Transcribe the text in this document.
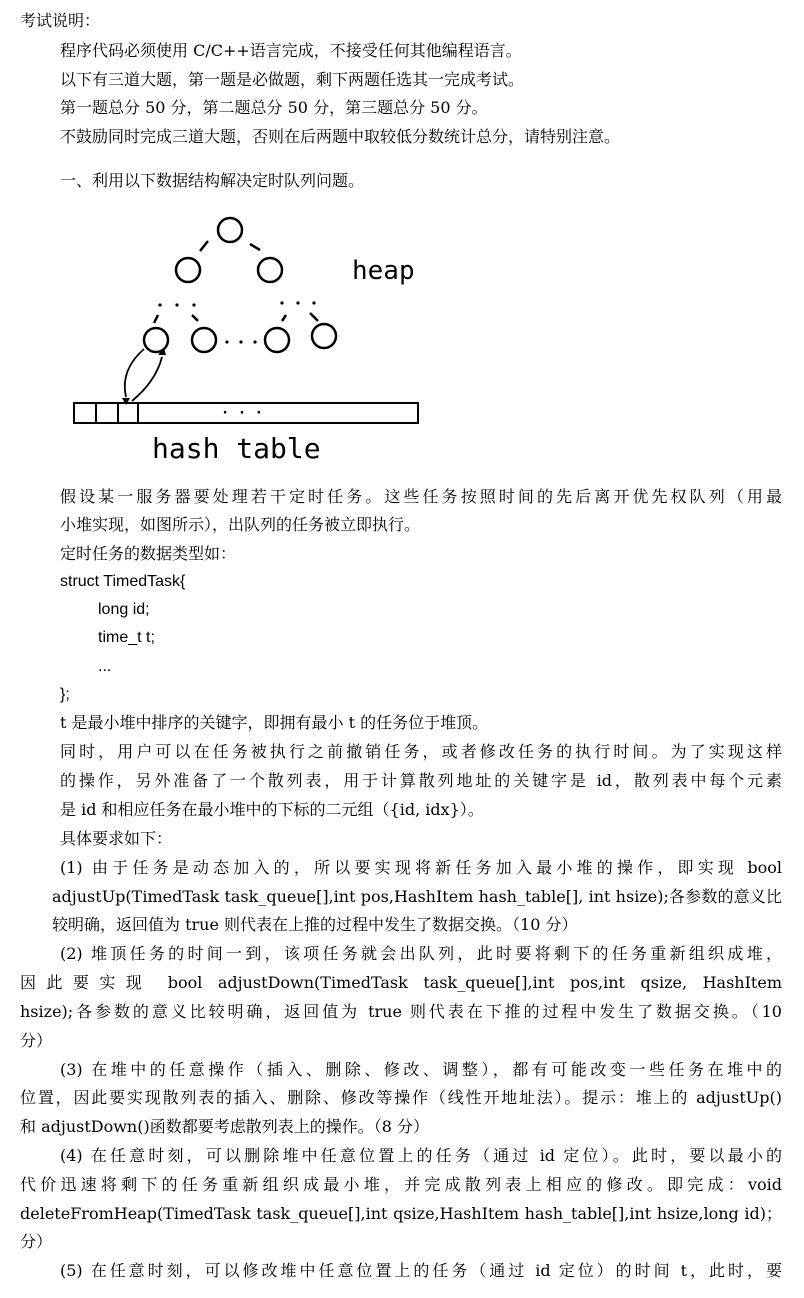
考试说明：
程序代码必须使用 C/C++语言完成，不接受任何其他编程语言。
以下有三道大题，第一题是必做题，剩下两题任选其一完成考试。
第一题总分 50 分，第二题总分 50 分，第三题总分 50 分。
不鼓励同时完成三道大题，否则在后两题中取较低分数统计总分，请特别注意。
一、利用以下数据结构解决定时队列问题。
· · ·
heap
hash table
假设某一服务器要处理若干定时任务。这些任务按照时间的先后离开优先权队列（用最
小堆实现，如图所示），出队列的任务被立即执行。
定时任务的数据类型如：
struct TimedTask{
long id;
time_t t;
...
};
t 是最小堆中排序的关键字，即拥有最小 t 的任务位于堆顶。
同时，用户可以在任务被执行之前撤销任务，或者修改任务的执行时间。为了实现这样
的操作，另外准备了一个散列表，用于计算散列地址的关键字是 id，散列表中每个元素
是 id 和相应任务在最小堆中的下标的二元组（{id, idx}）。
具体要求如下：
(1) 由于任务是动态加入的，所以要实现将新任务加入最小堆的操作，即实现 bool
adjustUp(TimedTask task_queue[],int pos,HashItem hash_table[], int hsize);各参数的意义比
较明确，返回值为 true 则代表在上推的过程中发生了数据交换。（10 分）
(2) 堆顶任务的时间一到，该项任务就会出队列，此时要将剩下的任务重新组织成堆，
因此要实现 bool adjustDown(TimedTask task_queue[],int pos,int qsize, HashItem
hsize);各参数的意义比较明确，返回值为 true 则代表在下推的过程中发生了数据交换。（10
分）
(3) 在堆中的任意操作（插入、删除、修改、调整），都有可能改变一些任务在堆中的
位置，因此要实现散列表的插入、删除、修改等操作（线性开地址法）。提示：堆上的 adjustUp()
和 adjustDown()函数都要考虑散列表上的操作。（8 分）
(4) 在任意时刻，可以删除堆中任意位置上的任务（通过 id 定位）。此时，要以最小的
代价迅速将剩下的任务重新组织成最小堆，并完成散列表上相应的修改。即完成：void
deleteFromHeap(TimedTask task_queue[],int qsize,HashItem hash_table[],int hsize,long id)；
分）
(5) 在任意时刻，可以修改堆中任意位置上的任务（通过 id 定位）的时间 t，此时，要
